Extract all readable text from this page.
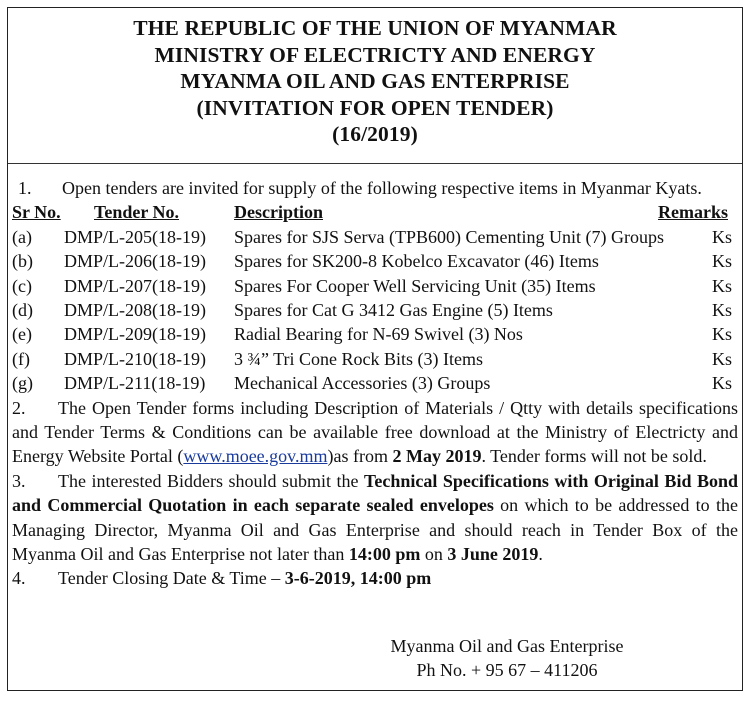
THE REPUBLIC OF THE UNION OF MYANMAR
MINISTRY OF ELECTRICTY AND ENERGY
MYANMA OIL AND GAS ENTERPRISE
(INVITATION FOR OPEN TENDER)
(16/2019)
1. Open tenders are invited for supply of the following respective items in Myanmar Kyats.
Sr No. Tender No.	Description	Remarks
(a) DMP/L-205(18-19) Spares for SJS Serva (TPB600) Cementing Unit (7) Groups	Ks
(b) DMP/L-206(18-19) Spares for SK200-8 Kobelco Excavator (46) Items	Ks
(c) DMP/L-207(18-19) Spares For Cooper Well Servicing Unit (35) Items	Ks
(d) DMP/L-208(18-19) Spares for Cat G 3412 Gas Engine (5) Items	Ks
(e) DMP/L-209(18-19) Radial Bearing for N-69 Swivel (3) Nos	Ks
(f) DMP/L-210(18-19) 3 ¾” Tri Cone Rock Bits (3) Items	Ks
(g) DMP/L-211(18-19) Mechanical Accessories (3) Groups	Ks
2. The Open Tender forms including Description of Materials / Qtty with details specifications and Tender Terms & Conditions can be available free download at the Ministry of Electricty and Energy Website Portal (www.moee.gov.mm)as from 2 May 2019. Tender forms will not be sold.
3. The interested Bidders should submit the Technical Specifications with Original Bid Bond and Commercial Quotation in each separate sealed envelopes on which to be addressed to the Managing Director, Myanma Oil and Gas Enterprise and should reach in Tender Box of the Myanma Oil and Gas Enterprise not later than 14:00 pm on 3 June 2019.
4. Tender Closing Date & Time – 3-6-2019, 14:00 pm
Myanma Oil and Gas Enterprise
Ph No. + 95 67 – 411206
